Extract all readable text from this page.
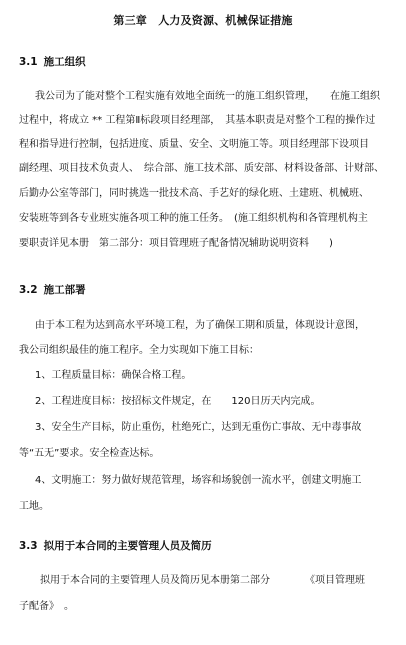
第三章　人力及资源、机械保证措施
3.1 施工组织
我公司为了能对整个工程实施有效地全面统一的施工组织管理，　　在施工组织
过程中，将成立 ** 工程第Ⅱ标段项目经理部，　其基本职责是对整个工程的操作过
程和指导进行控制，包括进度、质量、安全、文明施工等。项目经理部下设项目
副经理、项目技术负责人、　综合部、施工技术部、质安部、材料设备部、计财部、
后勤办公室等部门，同时挑选一批技术高、手艺好的绿化班、土建班、机械班、
安装班等到各专业班实施各项工种的施工任务。　(施工组织机构和各管理机构主
要职责详见本册　第二部分：项目管理班子配备情况辅助说明资料　　)
3.2 施工部署
由于本工程为达到高水平环境工程，为了确保工期和质量，体现设计意图，
我公司组织最佳的施工程序。全力实现如下施工目标：
1、工程质量目标：确保合格工程。
2、工程进度目标：按招标文件规定，在　　120日历天内完成。
3、安全生产目标，防止重伤，杜绝死亡，达到无重伤亡事故、无中毒事故
等“五无”要求。安全检查达标。
4、文明施工：努力做好规范管理，场容和场貌创一流水平，创建文明施工
工地。
3.3 拟用于本合同的主要管理人员及简历
拟用于本合同的主要管理人员及简历见本册第二部分　　　　《项目管理班
子配备》　。
